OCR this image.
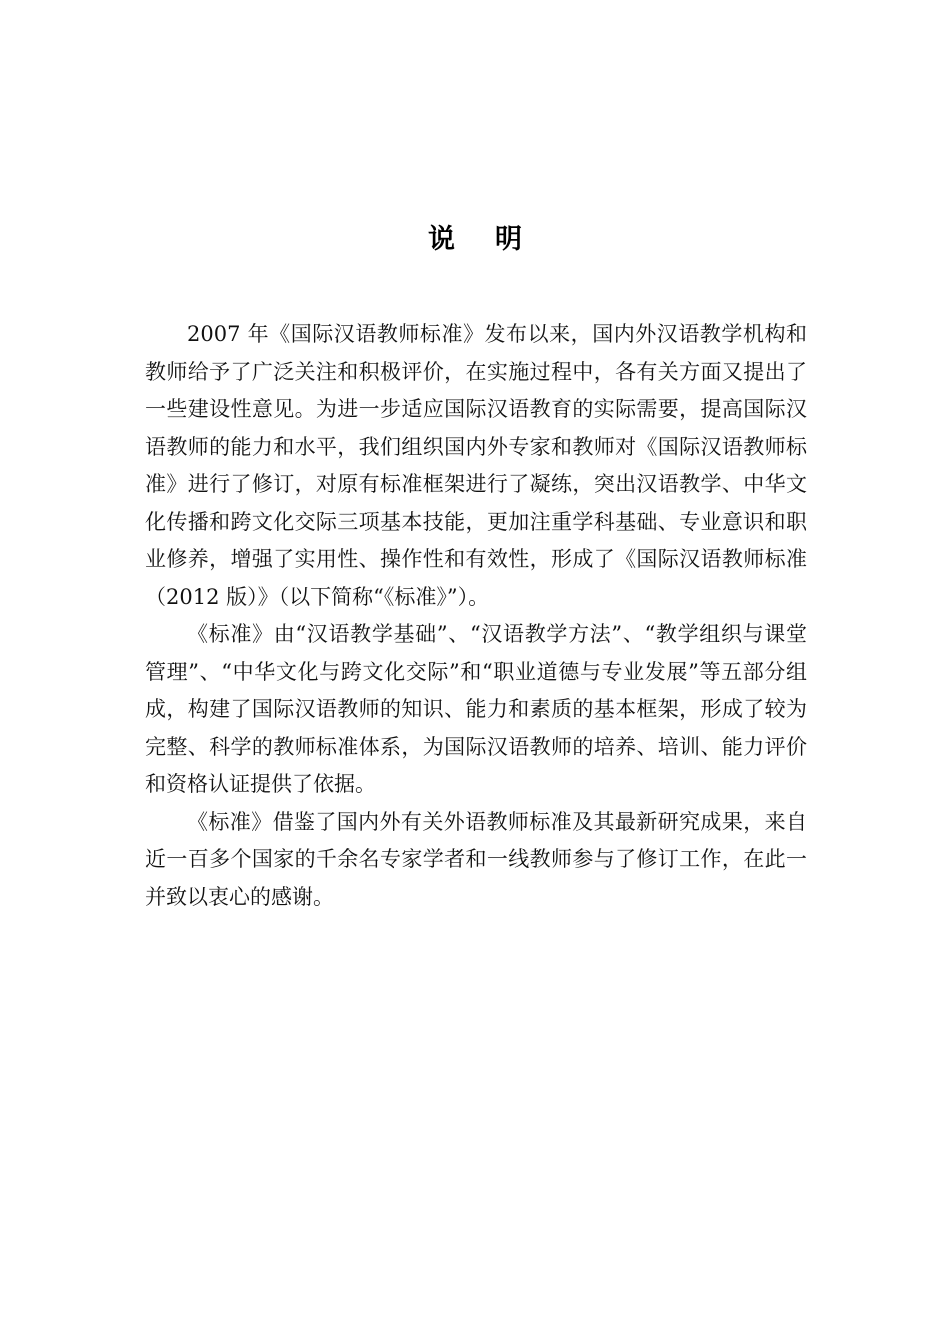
说明

2007 年《国际汉语教师标准》发布以来，国内外汉语教学机构和教师给予了广泛关注和积极评价，在实施过程中，各有关方面又提出了一些建设性意见。为进一步适应国际汉语教育的实际需要，提高国际汉语教师的能力和水平，我们组织国内外专家和教师对《国际汉语教师标准》进行了修订，对原有标准框架进行了凝练，突出汉语教学、中华文化传播和跨文化交际三项基本技能，更加注重学科基础、专业意识和职业修养，增强了实用性、操作性和有效性，形成了《国际汉语教师标准（2012 版）》（以下简称“《标准》”）。

《标准》由“汉语教学基础”、“汉语教学方法”、“教学组织与课堂管理”、“中华文化与跨文化交际”和“职业道德与专业发展”等五部分组成，构建了国际汉语教师的知识、能力和素质的基本框架，形成了较为完整、科学的教师标准体系，为国际汉语教师的培养、培训、能力评价和资格认证提供了依据。

《标准》借鉴了国内外有关外语教师标准及其最新研究成果，来自近一百多个国家的千余名专家学者和一线教师参与了修订工作，在此一并致以衷心的感谢。
